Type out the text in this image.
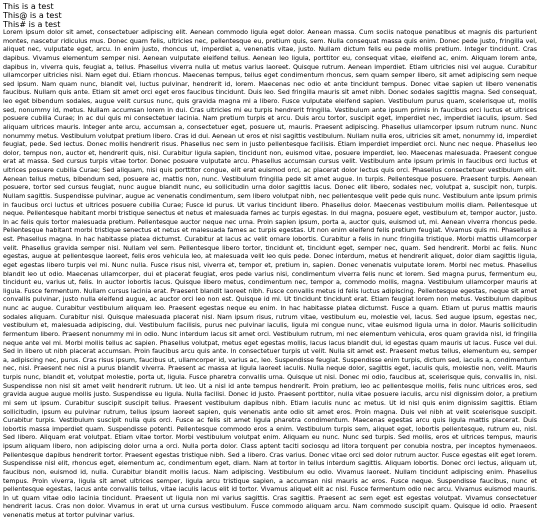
This is a test
This@ is a test
This# is a test

Lorem ipsum dolor sit amet, consectetuer adipiscing elit. Aenean commodo ligula eget dolor. Aenean massa. Cum sociis natoque penatibus et magnis dis parturient montes, nascetur ridiculus mus. Donec quam felis, ultricies nec, pellentesque eu, pretium quis, sem. Nulla consequat massa quis enim. Donec pede justo, fringilla vel, aliquet nec, vulputate eget, arcu. In enim justo, rhoncus ut, imperdiet a, venenatis vitae, justo. Nullam dictum felis eu pede mollis pretium. Integer tincidunt. Cras dapibus. Vivamus elementum semper nisi. Aenean vulputate eleifend tellus. Aenean leo ligula, porttitor eu, consequat vitae, eleifend ac, enim. Aliquam lorem ante, dapibus in, viverra quis, feugiat a, tellus. Phasellus viverra nulla ut metus varius laoreet. Quisque rutrum. Aenean imperdiet. Etiam ultricies nisi vel augue. Curabitur ullamcorper ultricies nisi. Nam eget dui. Etiam rhoncus. Maecenas tempus, tellus eget condimentum rhoncus, sem quam semper libero, sit amet adipiscing sem neque sed ipsum. Nam quam nunc, blandit vel, luctus pulvinar, hendrerit id, lorem. Maecenas nec odio et ante tincidunt tempus. Donec vitae sapien ut libero venenatis faucibus. Nullam quis ante. Etiam sit amet orci eget eros faucibus tincidunt. Duis leo. Sed fringilla mauris sit amet nibh. Donec sodales sagittis magna. Sed consequat, leo eget bibendum sodales, augue velit cursus nunc, quis gravida magna mi a libero. Fusce vulputate eleifend sapien. Vestibulum purus quam, scelerisque ut, mollis sed, nonummy id, metus. Nullam accumsan lorem in dui. Cras ultricies mi eu turpis hendrerit fringilla. Vestibulum ante ipsum primis in faucibus orci luctus et ultrices posuere cubilia Curae; In ac dui quis mi consectetuer lacinia. Nam pretium turpis et arcu. Duis arcu tortor, suscipit eget, imperdiet nec, imperdiet iaculis, ipsum. Sed aliquam ultrices mauris. Integer ante arcu, accumsan a, consectetuer eget, posuere ut, mauris. Praesent adipiscing. Phasellus ullamcorper ipsum rutrum nunc. Nunc nonummy metus. Vestibulum volutpat pretium libero. Cras id dui. Aenean ut eros et nisl sagittis vestibulum. Nullam nulla eros, ultricies sit amet, nonummy id, imperdiet feugiat, pede. Sed lectus. Donec mollis hendrerit risus. Phasellus nec sem in justo pellentesque facilisis. Etiam imperdiet imperdiet orci. Nunc nec neque. Phasellus leo dolor, tempus non, auctor et, hendrerit quis, nisi. Curabitur ligula sapien, tincidunt non, euismod vitae, posuere imperdiet, leo. Maecenas malesuada. Praesent congue erat at massa. Sed cursus turpis vitae tortor. Donec posuere vulputate arcu. Phasellus accumsan cursus velit. Vestibulum ante ipsum primis in faucibus orci luctus et ultrices posuere cubilia Curae; Sed aliquam, nisi quis porttitor congue, elit erat euismod orci, ac placerat dolor lectus quis orci. Phasellus consectetuer vestibulum elit. Aenean tellus metus, bibendum sed, posuere ac, mattis non, nunc. Vestibulum fringilla pede sit amet augue. In turpis. Pellentesque posuere. Praesent turpis. Aenean posuere, tortor sed cursus feugiat, nunc augue blandit nunc, eu sollicitudin urna dolor sagittis lacus. Donec elit libero, sodales nec, volutpat a, suscipit non, turpis. Nullam sagittis. Suspendisse pulvinar, augue ac venenatis condimentum, sem libero volutpat nibh, nec pellentesque velit pede quis nunc. Vestibulum ante ipsum primis in faucibus orci luctus et ultrices posuere cubilia Curae; Fusce id purus. Ut varius tincidunt libero. Phasellus dolor. Maecenas vestibulum mollis diam. Pellentesque ut neque. Pellentesque habitant morbi tristique senectus et netus et malesuada fames ac turpis egestas. In dui magna, posuere eget, vestibulum et, tempor auctor, justo. In ac felis quis tortor malesuada pretium. Pellentesque auctor neque nec urna. Proin sapien ipsum, porta a, auctor quis, euismod ut, mi. Aenean viverra rhoncus pede. Pellentesque habitant morbi tristique senectus et netus et malesuada fames ac turpis egestas. Ut non enim eleifend felis pretium feugiat. Vivamus quis mi. Phasellus a est. Phasellus magna. In hac habitasse platea dictumst. Curabitur at lacus ac velit ornare lobortis. Curabitur a felis in nunc fringilla tristique. Morbi mattis ullamcorper velit. Phasellus gravida semper nisi. Nullam vel sem. Pellentesque libero tortor, tincidunt et, tincidunt eget, semper nec, quam. Sed hendrerit. Morbi ac felis. Nunc egestas, augue at pellentesque laoreet, felis eros vehicula leo, at malesuada velit leo quis pede. Donec interdum, metus et hendrerit aliquet, dolor diam sagittis ligula, eget egestas libero turpis vel mi. Nunc nulla. Fusce risus nisl, viverra et, tempor et, pretium in, sapien. Donec venenatis vulputate lorem. Morbi nec metus. Phasellus blandit leo ut odio. Maecenas ullamcorper, dui et placerat feugiat, eros pede varius nisi, condimentum viverra felis nunc et lorem. Sed magna purus, fermentum eu, tincidunt eu, varius ut, felis. In auctor lobortis lacus. Quisque libero metus, condimentum nec, tempor a, commodo mollis, magna. Vestibulum ullamcorper mauris at ligula. Fusce fermentum. Nullam cursus lacinia erat. Praesent blandit laoreet nibh. Fusce convallis metus id felis luctus adipiscing. Pellentesque egestas, neque sit amet convallis pulvinar, justo nulla eleifend augue, ac auctor orci leo non est. Quisque id mi. Ut tincidunt tincidunt erat. Etiam feugiat lorem non metus. Vestibulum dapibus nunc ac augue. Curabitur vestibulum aliquam leo. Praesent egestas neque eu enim. In hac habitasse platea dictumst. Fusce a quam. Etiam ut purus mattis mauris sodales aliquam. Curabitur nisi. Quisque malesuada placerat nisl. Nam ipsum risus, rutrum vitae, vestibulum eu, molestie vel, lacus. Sed augue ipsum, egestas nec, vestibulum et, malesuada adipiscing, dui. Vestibulum facilisis, purus nec pulvinar iaculis, ligula mi congue nunc, vitae euismod ligula urna in dolor. Mauris sollicitudin fermentum libero. Praesent nonummy mi in odio. Nunc interdum lacus sit amet orci. Vestibulum rutrum, mi nec elementum vehicula, eros quam gravida nisl, id fringilla neque ante vel mi. Morbi mollis tellus ac sapien. Phasellus volutpat, metus eget egestas mollis, lacus lacus blandit dui, id egestas quam mauris ut lacus. Fusce vel dui. Sed in libero ut nibh placerat accumsan. Proin faucibus arcu quis ante. In consectetuer turpis ut velit. Nulla sit amet est. Praesent metus tellus, elementum eu, semper a, adipiscing nec, purus. Cras risus ipsum, faucibus ut, ullamcorper id, varius ac, leo. Suspendisse feugiat. Suspendisse enim turpis, dictum sed, iaculis a, condimentum nec, nisi. Praesent nec nisl a purus blandit viverra. Praesent ac massa at ligula laoreet iaculis. Nulla neque dolor, sagittis eget, iaculis quis, molestie non, velit. Mauris turpis nunc, blandit et, volutpat molestie, porta ut, ligula. Fusce pharetra convallis urna. Quisque ut nisi. Donec mi odio, faucibus at, scelerisque quis, convallis in, nisi. Suspendisse non nisl sit amet velit hendrerit rutrum. Ut leo. Ut a nisl id ante tempus hendrerit. Proin pretium, leo ac pellentesque mollis, felis nunc ultrices eros, sed gravida augue augue mollis justo. Suspendisse eu ligula. Nulla facilisi. Donec id justo. Praesent porttitor, nulla vitae posuere iaculis, arcu nisl dignissim dolor, a pretium mi sem ut ipsum. Curabitur suscipit suscipit tellus. Praesent vestibulum dapibus nibh. Etiam iaculis nunc ac metus. Ut id nisl quis enim dignissim sagittis. Etiam sollicitudin, ipsum eu pulvinar rutrum, tellus ipsum laoreet sapien, quis venenatis ante odio sit amet eros. Proin magna. Duis vel nibh at velit scelerisque suscipit. Curabitur turpis. Vestibulum suscipit nulla quis orci. Fusce ac felis sit amet ligula pharetra condimentum. Maecenas egestas arcu quis ligula mattis placerat. Duis lobortis massa imperdiet quam. Suspendisse potenti. Pellentesque commodo eros a enim. Vestibulum turpis sem, aliquet eget, lobortis pellentesque, rutrum eu, nisl. Sed libero. Aliquam erat volutpat. Etiam vitae tortor. Morbi vestibulum volutpat enim. Aliquam eu nunc. Nunc sed turpis. Sed mollis, eros et ultrices tempus, mauris ipsum aliquam libero, non adipiscing dolor urna a orci. Nulla porta dolor. Class aptent taciti sociosqu ad litora torquent per conubia nostra, per inceptos hymenaeos. Pellentesque dapibus hendrerit tortor. Praesent egestas tristique nibh. Sed a libero. Cras varius. Donec vitae orci sed dolor rutrum auctor. Fusce egestas elit eget lorem. Suspendisse nisl elit, rhoncus eget, elementum ac, condimentum eget, diam. Nam at tortor in tellus interdum sagittis. Aliquam lobortis. Donec orci lectus, aliquam ut, faucibus non, euismod id, nulla. Curabitur blandit mollis lacus. Nam adipiscing. Vestibulum eu odio. Vivamus laoreet. Nullam tincidunt adipiscing enim. Phasellus tempus. Proin viverra, ligula sit amet ultrices semper, ligula arcu tristique sapien, a accumsan nisi mauris ac eros. Fusce neque. Suspendisse faucibus, nunc et pellentesque egestas, lacus ante convallis tellus, vitae iaculis lacus elit id tortor. Vivamus aliquet elit ac nisl. Fusce fermentum odio nec arcu. Vivamus euismod mauris. In ut quam vitae odio lacinia tincidunt. Praesent ut ligula non mi varius sagittis. Cras sagittis. Praesent ac sem eget est egestas volutpat. Vivamus consectetuer hendrerit lacus. Cras non dolor. Vivamus in erat ut urna cursus vestibulum. Fusce commodo aliquam arcu. Nam commodo suscipit quam. Quisque id odio. Praesent venenatis metus at tortor pulvinar varius.
